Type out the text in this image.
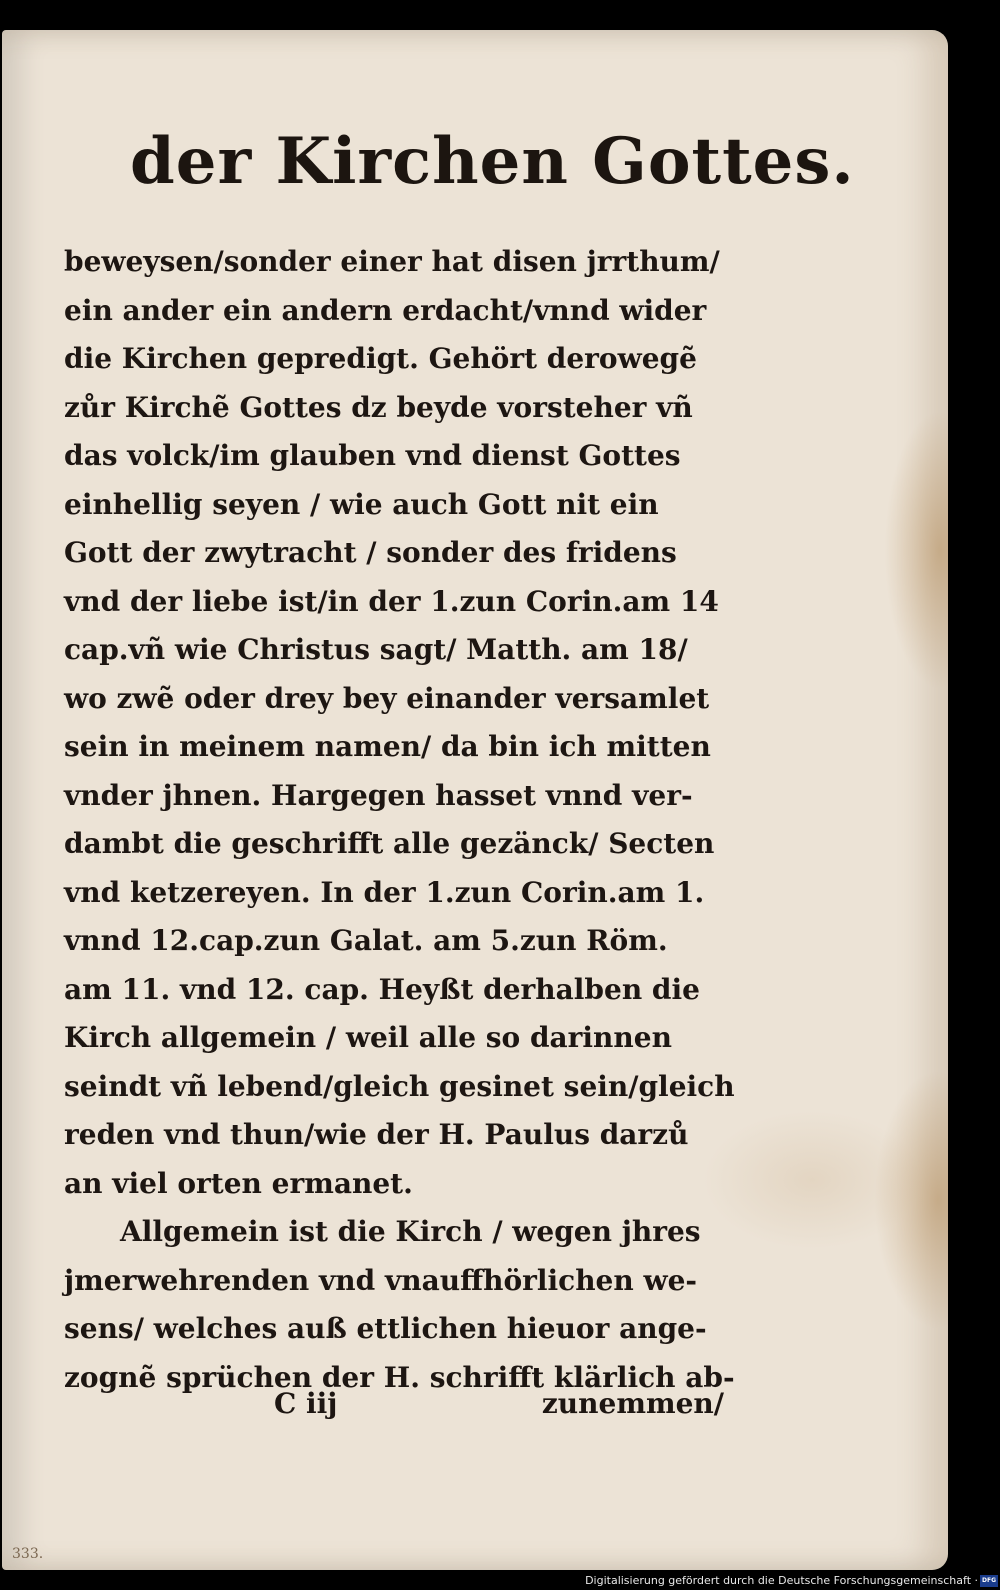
der Kirchen Gottes.
beweysen/sonder einer hat disen jrrthum/
ein ander ein andern erdacht/vnnd wider
die Kirchen gepredigt. Gehört derowegẽ
zůr Kirchẽ Gottes dz beyde vorsteher vñ
das volck/im glauben vnd dienst Gottes
einhellig seyen / wie auch Gott nit ein
Gott der zwytracht / sonder des fridens
vnd der liebe ist/in der 1.zun Corin.am 14
cap.vñ wie Christus sagt/ Matth. am 18/
wo zwẽ oder drey bey einander versamlet
sein in meinem namen/ da bin ich mitten
vnder jhnen. Hargegen hasset vnnd ver-
dambt die geschrifft alle gezänck/ Secten
vnd ketzereyen. In der 1.zun Corin.am 1.
vnnd 12.cap.zun Galat. am 5.zun Röm.
am 11. vnd 12. cap. Heyßt derhalben die
Kirch allgemein / weil alle so darinnen
seindt vñ lebend/gleich gesinet sein/gleich
reden vnd thun/wie der H. Paulus darzů
an viel orten ermanet.
Allgemein ist die Kirch / wegen jhres
jmerwehrenden vnd vnauffhörlichen we-
sens/ welches auß ettlichen hieuor ange-
zognẽ sprüchen der H. schrifft klärlich ab-
C iij	zunemmen/
333.
Digitalisierung gefördert durch die Deutsche Forschungsgemeinschaft · DFG
